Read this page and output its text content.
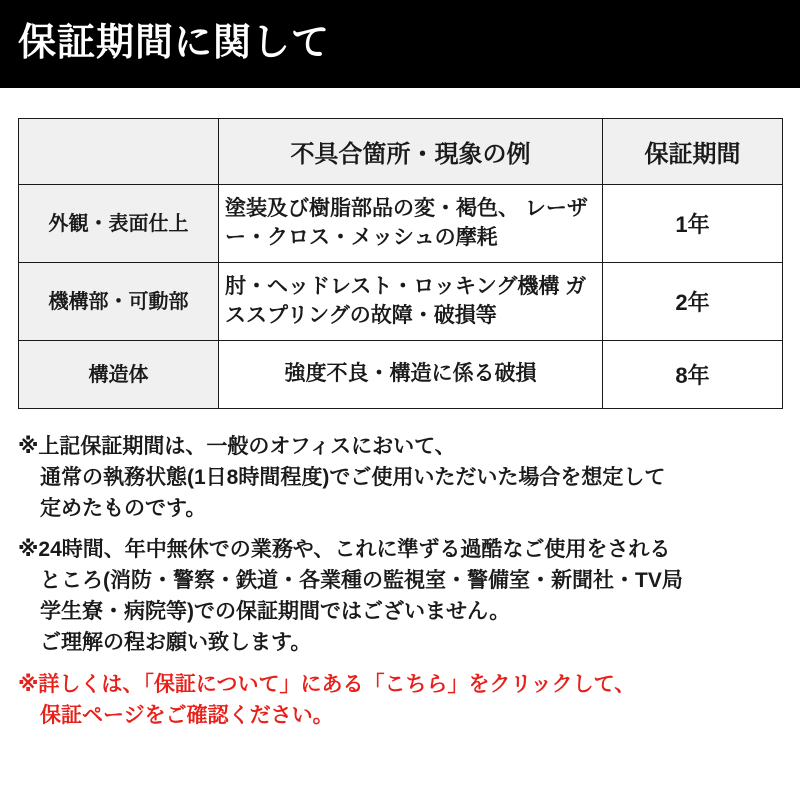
保証期間に関して
	不具合箇所・現象の例	保証期間
外観・表面仕上	塗装及び樹脂部品の変・褐色、 レーザー・クロス・メッシュの摩耗	1年
機構部・可動部	肘・ヘッドレスト・ロッキング機構 ガススプリングの故障・破損等	2年
構造体	強度不良・構造に係る破損	8年
※上記保証期間は、一般のオフィスにおいて、
通常の執務状態(1日8時間程度)でご使用いただいた場合を想定して
定めたものです。
※24時間、年中無休での業務や、これに準ずる過酷なご使用をされる
ところ(消防・警察・鉄道・各業種の監視室・警備室・新聞社・TV局
学生寮・病院等)での保証期間ではございません。
ご理解の程お願い致します。
※詳しくは、「保証について」にある「こちら」をクリックして、
保証ページをご確認ください。
